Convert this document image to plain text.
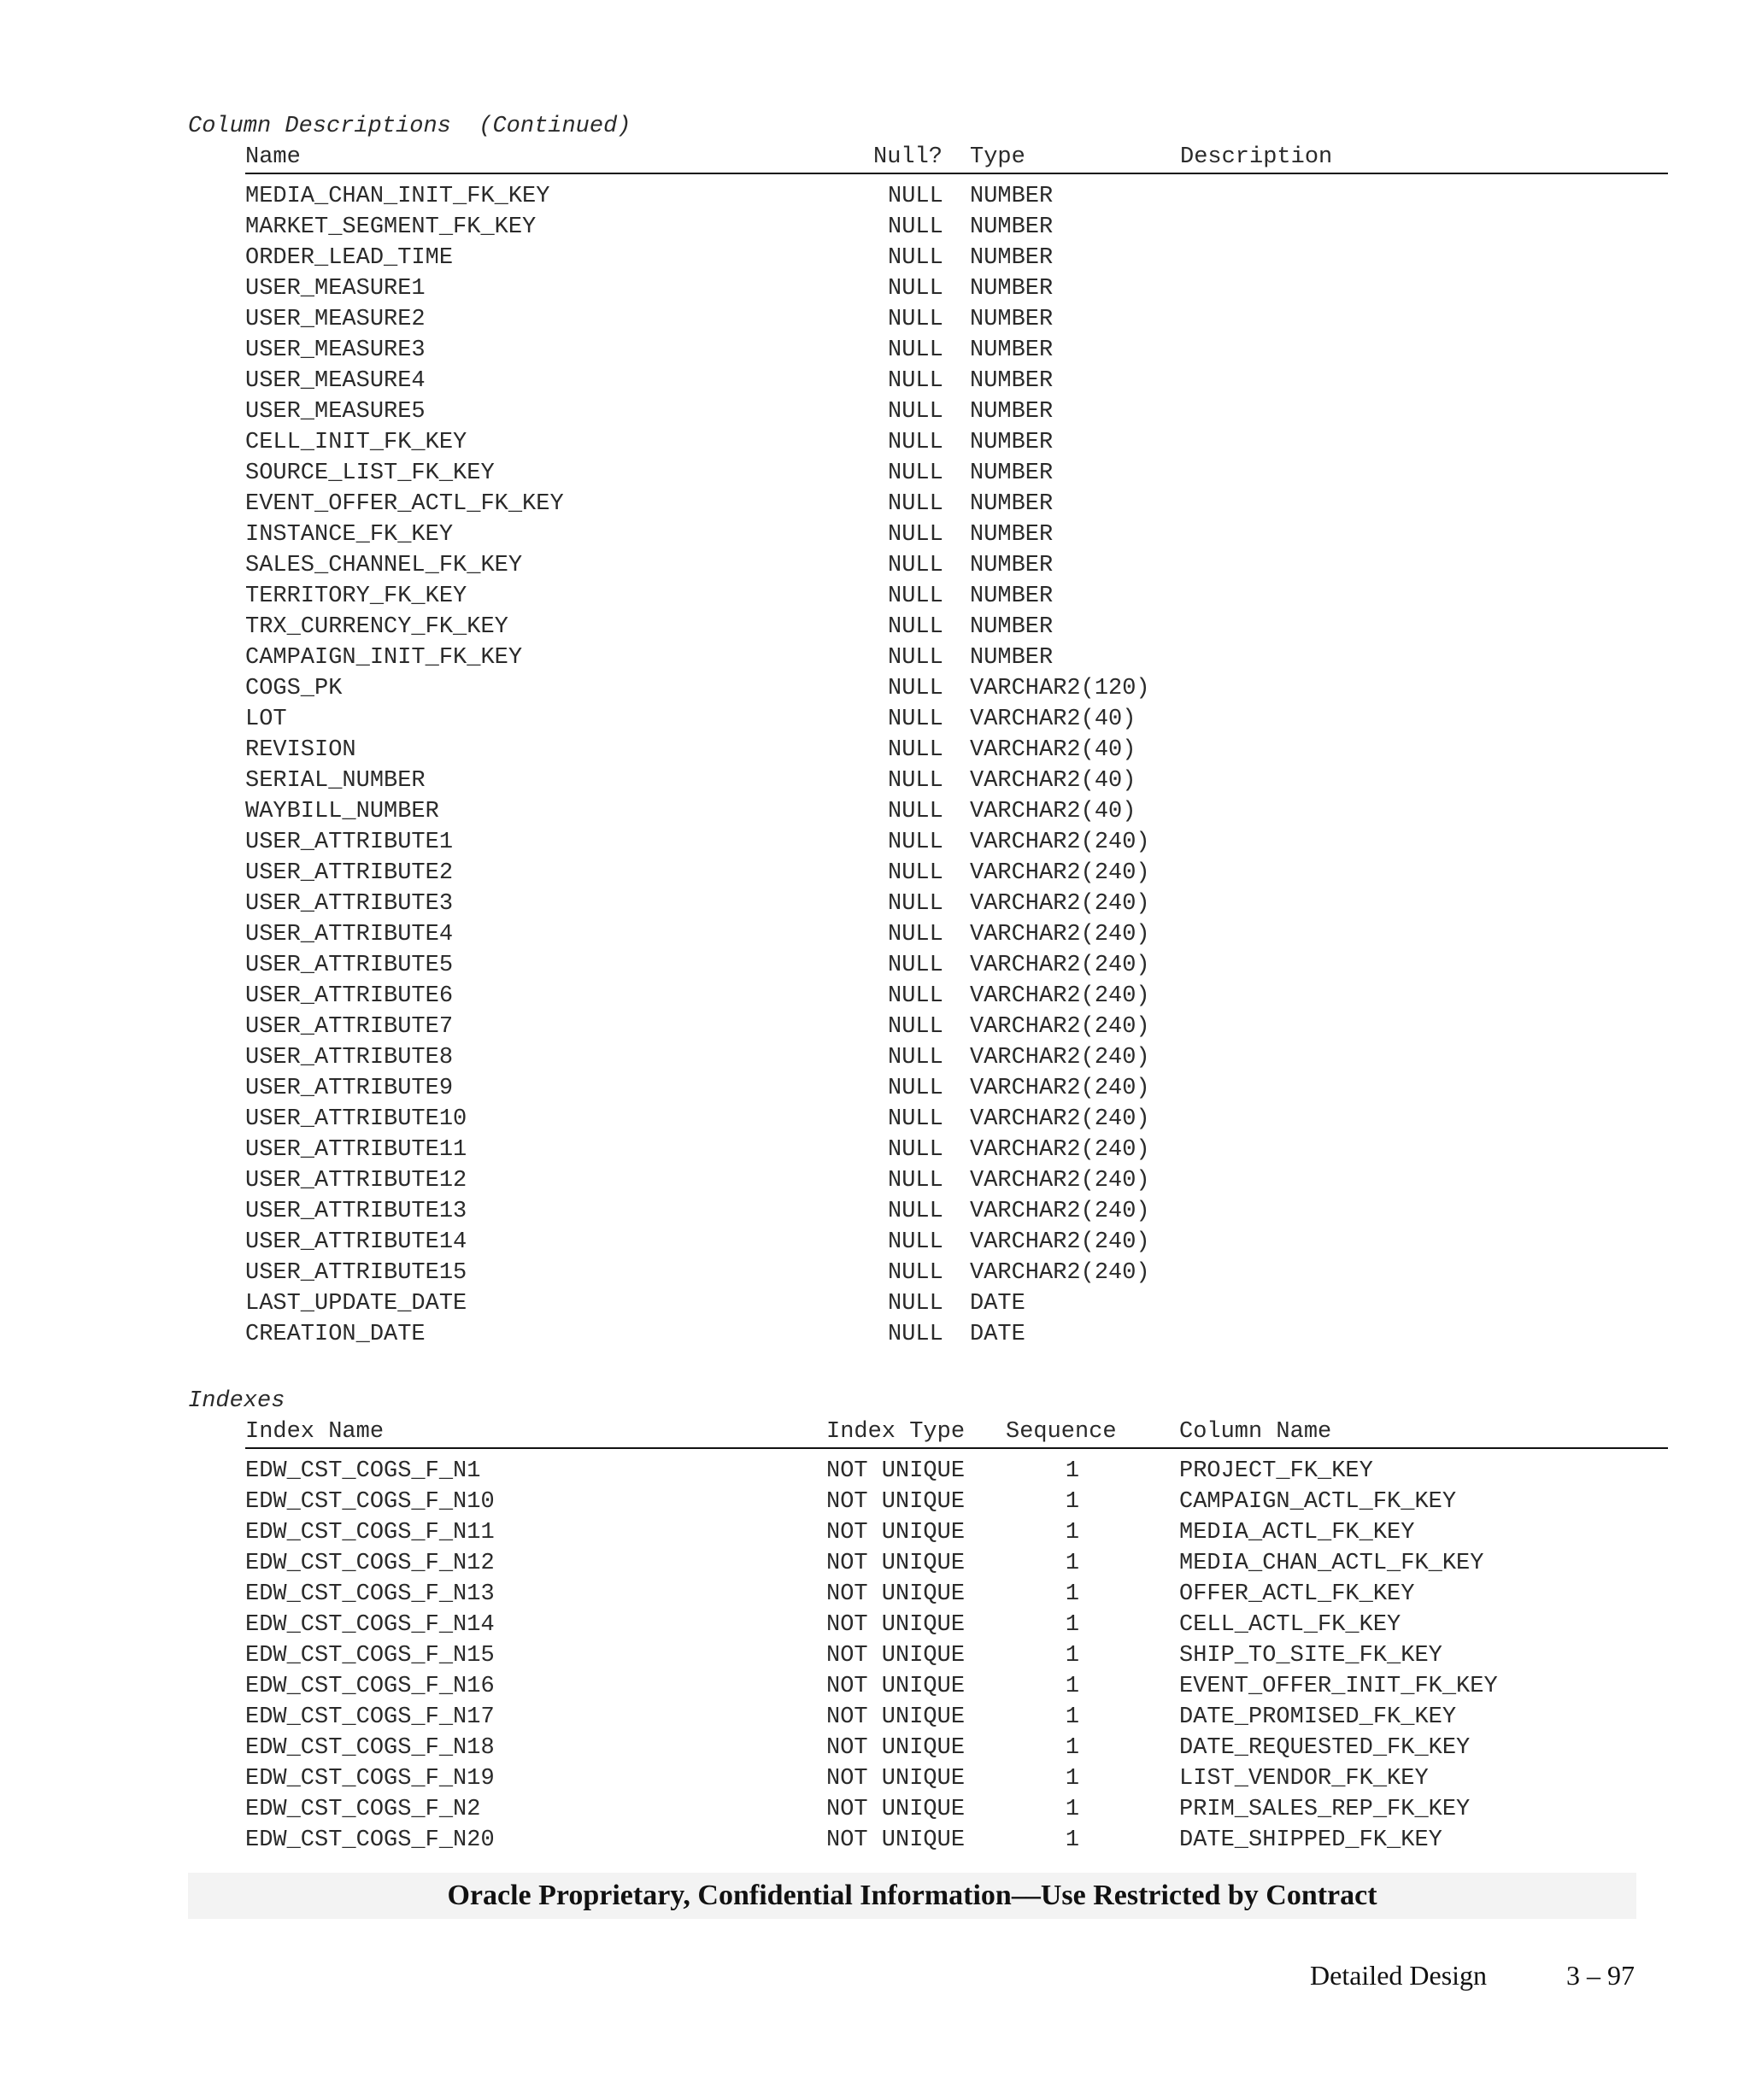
Column Descriptions  (Continued)
Name	Null? Type	Description
MEDIA_CHAN_INIT_FK_KEY	NULL NUMBER
MARKET_SEGMENT_FK_KEY	NULL NUMBER
ORDER_LEAD_TIME	NULL NUMBER
USER_MEASURE1	NULL NUMBER
USER_MEASURE2	NULL NUMBER
USER_MEASURE3	NULL NUMBER
USER_MEASURE4	NULL NUMBER
USER_MEASURE5	NULL NUMBER
CELL_INIT_FK_KEY	NULL NUMBER
SOURCE_LIST_FK_KEY	NULL NUMBER
EVENT_OFFER_ACTL_FK_KEY	NULL NUMBER
INSTANCE_FK_KEY	NULL NUMBER
SALES_CHANNEL_FK_KEY	NULL NUMBER
TERRITORY_FK_KEY	NULL NUMBER
TRX_CURRENCY_FK_KEY	NULL NUMBER
CAMPAIGN_INIT_FK_KEY	NULL NUMBER
COGS_PK	NULL VARCHAR2(120)
LOT	NULL VARCHAR2(40)
REVISION	NULL VARCHAR2(40)
SERIAL_NUMBER	NULL VARCHAR2(40)
WAYBILL_NUMBER	NULL VARCHAR2(40)
USER_ATTRIBUTE1	NULL VARCHAR2(240)
USER_ATTRIBUTE2	NULL VARCHAR2(240)
USER_ATTRIBUTE3	NULL VARCHAR2(240)
USER_ATTRIBUTE4	NULL VARCHAR2(240)
USER_ATTRIBUTE5	NULL VARCHAR2(240)
USER_ATTRIBUTE6	NULL VARCHAR2(240)
USER_ATTRIBUTE7	NULL VARCHAR2(240)
USER_ATTRIBUTE8	NULL VARCHAR2(240)
USER_ATTRIBUTE9	NULL VARCHAR2(240)
USER_ATTRIBUTE10	NULL VARCHAR2(240)
USER_ATTRIBUTE11	NULL VARCHAR2(240)
USER_ATTRIBUTE12	NULL VARCHAR2(240)
USER_ATTRIBUTE13	NULL VARCHAR2(240)
USER_ATTRIBUTE14	NULL VARCHAR2(240)
USER_ATTRIBUTE15	NULL VARCHAR2(240)
LAST_UPDATE_DATE	NULL DATE
CREATION_DATE	NULL DATE
Indexes
Index Name	Index Type Sequence	Column Name
EDW_CST_COGS_F_N1	NOT UNIQUE	1	PROJECT_FK_KEY
EDW_CST_COGS_F_N10	NOT UNIQUE	1	CAMPAIGN_ACTL_FK_KEY
EDW_CST_COGS_F_N11	NOT UNIQUE	1	MEDIA_ACTL_FK_KEY
EDW_CST_COGS_F_N12	NOT UNIQUE	1	MEDIA_CHAN_ACTL_FK_KEY
EDW_CST_COGS_F_N13	NOT UNIQUE	1	OFFER_ACTL_FK_KEY
EDW_CST_COGS_F_N14	NOT UNIQUE	1	CELL_ACTL_FK_KEY
EDW_CST_COGS_F_N15	NOT UNIQUE	1	SHIP_TO_SITE_FK_KEY
EDW_CST_COGS_F_N16	NOT UNIQUE	1	EVENT_OFFER_INIT_FK_KEY
EDW_CST_COGS_F_N17	NOT UNIQUE	1	DATE_PROMISED_FK_KEY
EDW_CST_COGS_F_N18	NOT UNIQUE	1	DATE_REQUESTED_FK_KEY
EDW_CST_COGS_F_N19	NOT UNIQUE	1	LIST_VENDOR_FK_KEY
EDW_CST_COGS_F_N2	NOT UNIQUE	1	PRIM_SALES_REP_FK_KEY
EDW_CST_COGS_F_N20	NOT UNIQUE	1	DATE_SHIPPED_FK_KEY
Oracle Proprietary, Confidential Information––Use Restricted by Contract
Detailed Design	3 – 97
